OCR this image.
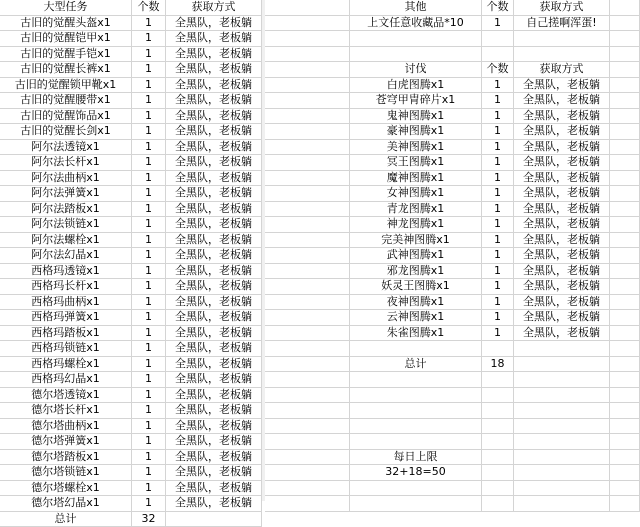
大型任务	个数	获取方式
古旧的觉醒头盔x1	1	全黑队，老板躺
古旧的觉醒铠甲x1	1	全黑队，老板躺
古旧的觉醒手铠x1	1	全黑队，老板躺
古旧的觉醒长裤x1	1	全黑队，老板躺
古旧的觉醒锁甲靴x1	1	全黑队，老板躺
古旧的觉醒腰带x1	1	全黑队，老板躺
古旧的觉醒饰品x1	1	全黑队，老板躺
古旧的觉醒长剑x1	1	全黑队，老板躺
阿尔法透镜x1	1	全黑队，老板躺
阿尔法长杆x1	1	全黑队，老板躺
阿尔法曲柄x1	1	全黑队，老板躺
阿尔法弹簧x1	1	全黑队，老板躺
阿尔法踏板x1	1	全黑队，老板躺
阿尔法锁链x1	1	全黑队，老板躺
阿尔法螺栓x1	1	全黑队，老板躺
阿尔法幻晶x1	1	全黑队，老板躺
西格玛透镜x1	1	全黑队，老板躺
西格玛长杆x1	1	全黑队，老板躺
西格玛曲柄x1	1	全黑队，老板躺
西格玛弹簧x1	1	全黑队，老板躺
西格玛踏板x1	1	全黑队，老板躺
西格玛锁链x1	1	全黑队，老板躺
西格玛螺栓x1	1	全黑队，老板躺
西格玛幻晶x1	1	全黑队，老板躺
德尔塔透镜x1	1	全黑队，老板躺
德尔塔长杆x1	1	全黑队，老板躺
德尔塔曲柄x1	1	全黑队，老板躺
德尔塔弹簧x1	1	全黑队，老板躺
德尔塔踏板x1	1	全黑队，老板躺
德尔塔锁链x1	1	全黑队，老板躺
德尔塔螺栓x1	1	全黑队，老板躺
德尔塔幻晶x1	1	全黑队，老板躺
总计	32
其他	个数	获取方式
上文任意收藏品*10	1	自己搓啊浑蛋!
讨伐	个数	获取方式
白虎图腾x1	1	全黑队，老板躺
苍穹甲胄碎片x1	1	全黑队，老板躺
鬼神图腾x1	1	全黑队，老板躺
豪神图腾x1	1	全黑队，老板躺
美神图腾x1	1	全黑队，老板躺
冥王图腾x1	1	全黑队，老板躺
魔神图腾x1	1	全黑队，老板躺
女神图腾x1	1	全黑队，老板躺
青龙图腾x1	1	全黑队，老板躺
神龙图腾x1	1	全黑队，老板躺
完美神图腾x1	1	全黑队，老板躺
武神图腾x1	1	全黑队，老板躺
邪龙图腾x1	1	全黑队，老板躺
妖灵王图腾x1	1	全黑队，老板躺
夜神图腾x1	1	全黑队，老板躺
云神图腾x1	1	全黑队，老板躺
朱雀图腾x1	1	全黑队，老板躺
总计	18
每日上限
32+18=50
